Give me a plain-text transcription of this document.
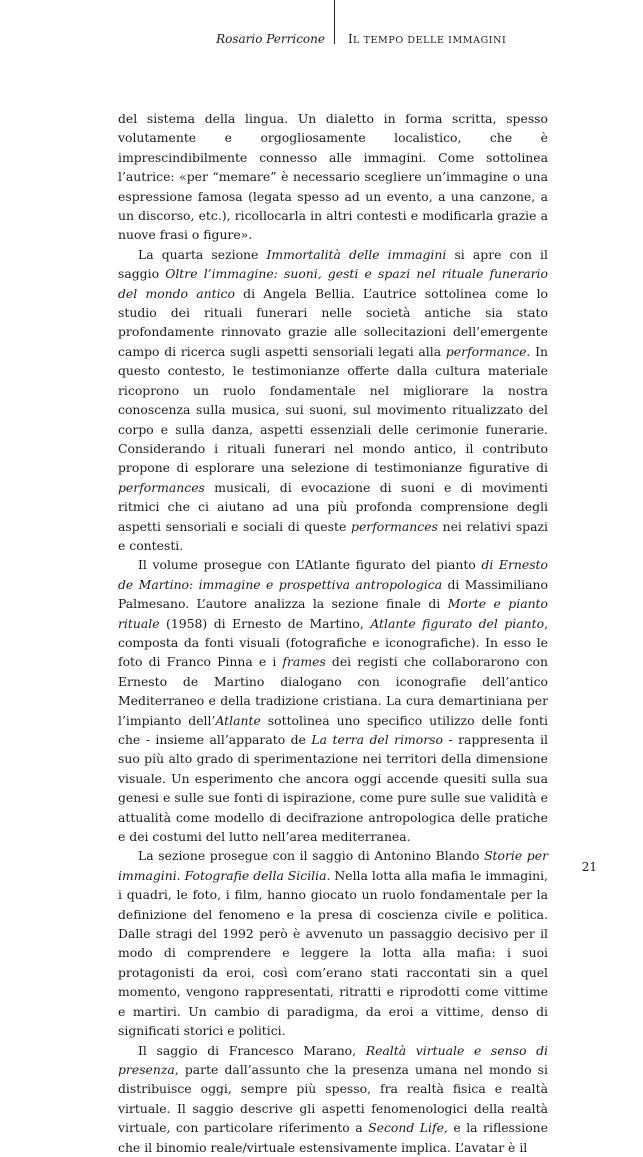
Rosario Perricone IL TEMPO DELLE IMMAGINI

del sistema della lingua. Un dialetto in forma scritta, spesso volutamente e orgogliosamente localistico, che è imprescindibilmente connesso alle immagini. Come sottolinea l’autrice: «per “memare” è necessario scegliere un’immagine o una espressione famosa (legata spesso ad un evento, a una canzone, a un discorso, etc.), ricollocarla in altri contesti e modificarla grazie a nuove frasi o figure».

La quarta sezione Immortalità delle immagini si apre con il saggio Oltre l’immagine: suoni, gesti e spazi nel rituale funerario del mondo antico di Angela Bellia. L’autrice sottolinea come lo studio dei rituali funerari nelle società antiche sia stato profondamente rinnovato grazie alle sollecitazioni dell’emergente campo di ricerca sugli aspetti sensoriali legati alla performance. In questo contesto, le testimonianze offerte dalla cultura materiale ricoprono un ruolo fondamentale nel migliorare la nostra conoscenza sulla musica, sui suoni, sul movimento ritualizzato del corpo e sulla danza, aspetti essenziali delle cerimonie funerarie. Considerando i rituali funerari nel mondo antico, il contributo propone di esplorare una selezione di testimonianze figurative di performances musicali, di evocazione di suoni e di movimenti ritmici che ci aiutano ad una più profonda comprensione degli aspetti sensoriali e sociali di queste performances nei relativi spazi e contesti.

Il volume prosegue con L’Atlante figurato del pianto di Ernesto de Martino: immagine e prospettiva antropologica di Massimiliano Palmesano. L’autore analizza la sezione finale di Morte e pianto rituale (1958) di Ernesto de Martino, Atlante figurato del pianto, composta da fonti visuali (fotografiche e iconografiche). In esso le foto di Franco Pinna e i frames dei registi che collaborarono con Ernesto de Martino dialogano con iconografie dell’antico Mediterraneo e della tradizione cristiana. La cura demartiniana per l’impianto dell’Atlante sottolinea uno specifico utilizzo delle fonti che - insieme all’apparato de La terra del rimorso - rappresenta il suo più alto grado di sperimentazione nei territori della dimensione visuale. Un esperimento che ancora oggi accende quesiti sulla sua genesi e sulle sue fonti di ispirazione, come pure sulle sue validità e attualità come modello di decifrazione antropologica delle pratiche e dei costumi del lutto nell’area mediterranea.

La sezione prosegue con il saggio di Antonino Blando Storie per immagini. Fotografie della Sicilia. Nella lotta alla mafia le immagini, i quadri, le foto, i film, hanno giocato un ruolo fondamentale per la definizione del fenomeno e la presa di coscienza civile e politica. Dalle stragi del 1992 però è avvenuto un passaggio decisivo per il modo di comprendere e leggere la lotta alla mafia: i suoi protagonisti da eroi, così com’erano stati raccontati sin a quel momento, vengono rappresentati, ritratti e riprodotti come vittime e martiri. Un cambio di paradigma, da eroi a vittime, denso di significati storici e politici.

Il saggio di Francesco Marano, Realtà virtuale e senso di presenza, parte dall’assunto che la presenza umana nel mondo si distribuisce oggi, sempre più spesso, fra realtà fisica e realtà virtuale. Il saggio descrive gli aspetti fenomenologici della realtà virtuale, con particolare riferimento a Second Life, e la riflessione che il binomio reale/virtuale estensivamente implica. L’avatar è il

21
